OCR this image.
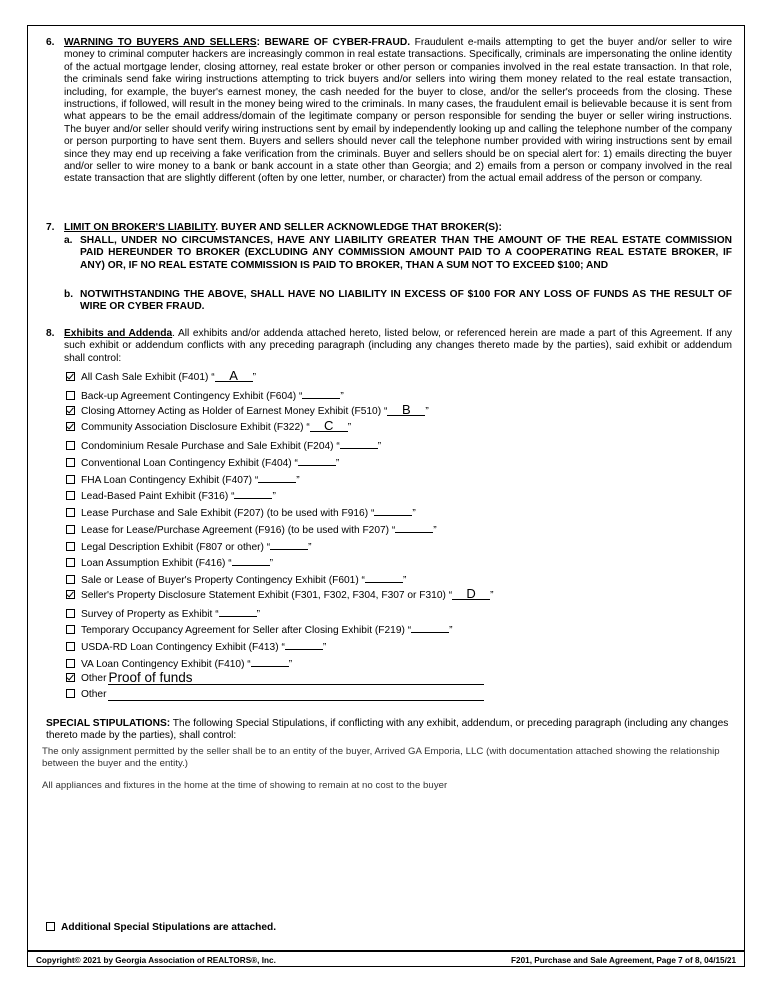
6. WARNING TO BUYERS AND SELLERS: BEWARE OF CYBER-FRAUD. Fraudulent e-mails attempting to get the buyer and/or seller to wire money to criminal computer hackers are increasingly common in real estate transactions. Specifically, criminals are impersonating the online identity of the actual mortgage lender, closing attorney, real estate broker or other person or companies involved in the real estate transaction. In that role, the criminals send fake wiring instructions attempting to trick buyers and/or sellers into wiring them money related to the real estate transaction, including, for example, the buyer's earnest money, the cash needed for the buyer to close, and/or the seller's proceeds from the closing. These instructions, if followed, will result in the money being wired to the criminals. In many cases, the fraudulent email is believable because it is sent from what appears to be the email address/domain of the legitimate company or person responsible for sending the buyer or seller wiring instructions. The buyer and/or seller should verify wiring instructions sent by email by independently looking up and calling the telephone number of the company or person purporting to have sent them. Buyers and sellers should never call the telephone number provided with wiring instructions sent by email since they may end up receiving a fake verification from the criminals. Buyer and sellers should be on special alert for: 1) emails directing the buyer and/or seller to wire money to a bank or bank account in a state other than Georgia; and 2) emails from a person or company involved in the real estate transaction that are slightly different (often by one letter, number, or character) from the actual email address of the person or company.
7. LIMIT ON BROKER'S LIABILITY. BUYER AND SELLER ACKNOWLEDGE THAT BROKER(S):
a. SHALL, UNDER NO CIRCUMSTANCES, HAVE ANY LIABILITY GREATER THAN THE AMOUNT OF THE REAL ESTATE COMMISSION PAID HEREUNDER TO BROKER (EXCLUDING ANY COMMISSION AMOUNT PAID TO A COOPERATING REAL ESTATE BROKER, IF ANY) OR, IF NO REAL ESTATE COMMISSION IS PAID TO BROKER, THAN A SUM NOT TO EXCEED $100; AND
b. NOTWITHSTANDING THE ABOVE, SHALL HAVE NO LIABILITY IN EXCESS OF $100 FOR ANY LOSS OF FUNDS AS THE RESULT OF WIRE OR CYBER FRAUD.
8. Exhibits and Addenda. All exhibits and/or addenda attached hereto, listed below, or referenced herein are made a part of this Agreement. If any such exhibit or addendum conflicts with any preceding paragraph (including any changes thereto made by the parties), said exhibit or addendum shall control:
All Cash Sale Exhibit (F401) “ A ”
Back-up Agreement Contingency Exhibit (F604) “	”
Closing Attorney Acting as Holder of Earnest Money Exhibit (F510) “ B ”
Community Association Disclosure Exhibit (F322) “ C ”
Condominium Resale Purchase and Sale Exhibit (F204) “	”
Conventional Loan Contingency Exhibit (F404) “	”
FHA Loan Contingency Exhibit (F407) “	”
Lead-Based Paint Exhibit (F316) “	”
Lease Purchase and Sale Exhibit (F207) (to be used with F916) “	”
Lease for Lease/Purchase Agreement (F916) (to be used with F207) “	”
Legal Description Exhibit (F807 or other) “	”
Loan Assumption Exhibit (F416) “	”
Sale or Lease of Buyer's Property Contingency Exhibit (F601) “	”
Seller's Property Disclosure Statement Exhibit (F301, F302, F304, F307 or F310) “ D ”
Survey of Property as Exhibit “	”
Temporary Occupancy Agreement for Seller after Closing Exhibit (F219) “	”
USDA-RD Loan Contingency Exhibit (F413) “	”
VA Loan Contingency Exhibit (F410) “	”
Other Proof of funds
Other
SPECIAL STIPULATIONS: The following Special Stipulations, if conflicting with any exhibit, addendum, or preceding paragraph (including any changes thereto made by the parties), shall control:
The only assignment permitted by the seller shall be to an entity of the buyer, Arrived GA Emporia, LLC (with documentation attached showing the relationship between the buyer and the entity.)
All appliances and fixtures in the home at the time of showing to remain at no cost to the buyer
Additional Special Stipulations are attached.
Copyright© 2021 by Georgia Association of REALTORS®, Inc.	F201, Purchase and Sale Agreement, Page 7 of 8, 04/15/21
